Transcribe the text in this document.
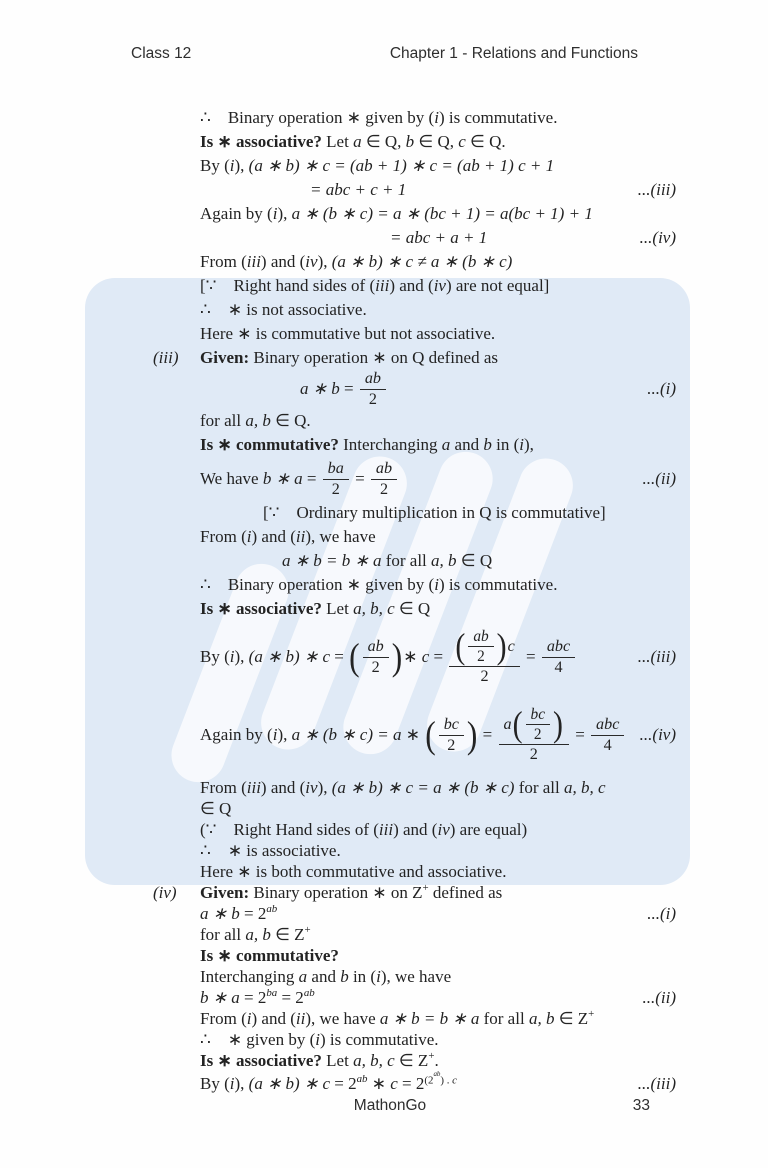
Class 12	Chapter 1 - Relations and Functions
∴ Binary operation ∗ given by ( i ) is commutative.
Is ∗ associative? Let a ∈ Q, b ∈ Q, c ∈ Q.
By ( i ), (a ∗ b) ∗ c = (ab + 1) ∗ c = (ab + 1) c + 1
= abc + c + 1	...(iii)
Again by ( i ), a ∗ (b ∗ c) = a ∗ (bc + 1) = a(bc + 1) + 1
= abc + a + 1	...(iv)
From ( iii ) and ( iv ), (a ∗ b) ∗ c ≠ a ∗ (b ∗ c)
[∵ Right hand sides of ( iii ) and ( iv ) are not equal]
∴ ∗ is not associative.
Here ∗ is commutative but not associative.
(iii) Given: Binary operation ∗ on Q defined as
a ∗ $b = \frac{ab}{2}$	...(i)
for all a, b ∈ Q.
Is ∗ commutative? Interchanging a and b in ( i ),
We have b ∗ $a = \frac{ba}{2} = \frac{ab}{2}$	...(ii)
[∵ Ordinary multiplication in Q is commutative]
From ( i ) and ( ii ), we have
a ∗ b = b ∗ a for all a, b ∈ Q
∴ Binary operation ∗ given by ( i ) is commutative.
Is ∗ associative? Let a, b, c ∈ Q
By ( i ), (a ∗ b) ∗ c = ( $\frac{ab}{2}$ ) ∗ $c = \frac{( \frac{ab}{2} ) c}{2} = \frac{\text{abc}}{4}$	...(iii)
Again by ( i ), a ∗ (b ∗ c) = a ∗ ( $\frac{bc}{2}$ ) = $\frac{a ( \frac{bc}{2} )}{2} = \frac{\text{abc}}{4} ...(iv)$
From ( iii ) and ( iv ), (a ∗ b) ∗ c = a ∗ (b ∗ c) for all a, b, c
∈ Q
(∵ Right Hand sides of ( iii ) and ( iv ) are equal)
∴ ∗ is associative.
Here ∗ is both commutative and associative.
(iv) Given: Binary operation ∗ on Z + defined as
a ∗ b = 2 $^{ab}$	...(i)
for all a, b ∈ Z +
Is ∗ commutative?
Interchanging a and b in ( i ), we have
b ∗ a = 2 $^{ba}$ = 2 $^{ab}$	...(ii)
From ( i ) and ( ii ), we have a ∗ b = b ∗ a for all a, b ∈ Z +
∴ ∗ given by ( i ) is commutative.
Is ∗ associative? Let a, b, c ∈ Z + .
By ( i ), (a ∗ b) ∗ c = 2 $^{ab}$ ∗ c = 2 $^{(2^{ab}) . c}$	...(iii)
MathonGo	33
